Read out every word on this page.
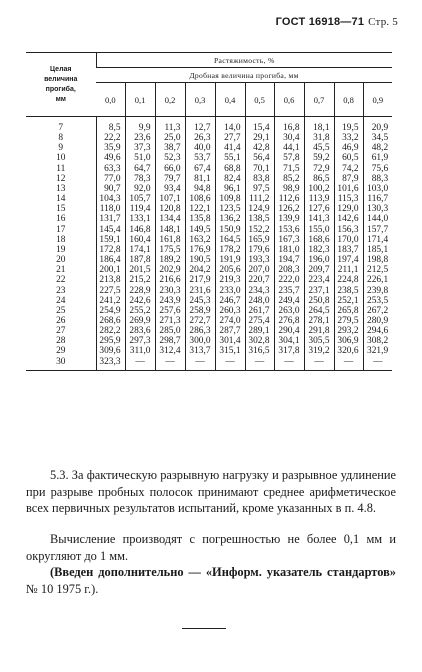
ГОСТ 16918—71 Стр. 5
Целая
величина
прогиба,
мм	Растяжимость, %									
	Дробная величина прогиба, мм									
	0,0	0,1	0,2	0,3	0,4	0,5	0,6	0,7	0,8	0,9
7	8,5	9,9	11,3	12,7	14,0	15,4	16,8	18,1	19,5	20,9
8	22,2	23,6	25,0	26,3	27,7	29,1	30,4	31,8	33,2	34,5
9	35,9	37,3	38,7	40,0	41,4	42,8	44,1	45,5	46,9	48,2
10	49,6	51,0	52,3	53,7	55,1	56,4	57,8	59,2	60,5	61,9
11	63,3	64,7	66,0	67,4	68,8	70,1	71,5	72,9	74,2	75,6
12	77,0	78,3	79,7	81,1	82,4	83,8	85,2	86,5	87,9	88,3
13	90,7	92,0	93,4	94,8	96,1	97,5	98,9	100,2	101,6	103,0
14	104,3	105,7	107,1	108,6	109,8	111,2	112,6	113,9	115,3	116,7
15	118,0	119,4	120,8	122,1	123,5	124,9	126,2	127,6	129,0	130,3
16	131,7	133,1	134,4	135,8	136,2	138,5	139,9	141,3	142,6	144,0
17	145,4	146,8	148,1	149,5	150,9	152,2	153,6	155,0	156,3	157,7
18	159,1	160,4	161,8	163,2	164,5	165,9	167,3	168,6	170,0	171,4
19	172,8	174,1	175,5	176,9	178,2	179,6	181,0	182,3	183,7	185,1
20	186,4	187,8	189,2	190,5	191,9	193,3	194,7	196,0	197,4	198,8
21	200,1	201,5	202,9	204,2	205,6	207,0	208,3	209,7	211,1	212,5
22	213,8	215,2	216,6	217,9	219,3	220,7	222,0	223,4	224,8	226,1
23	227,5	228,9	230,3	231,6	233,0	234,3	235,7	237,1	238,5	239,8
24	241,2	242,6	243,9	245,3	246,7	248,0	249,4	250,8	252,1	253,5
25	254,9	255,2	257,6	258,9	260,3	261,7	263,0	264,5	265,8	267,2
26	268,6	269,9	271,3	272,7	274,0	275,4	276,8	278,1	279,5	280,9
27	282,2	283,6	285,0	286,3	287,7	289,1	290,4	291,8	293,2	294,6
28	295,9	297,3	298,7	300,0	301,4	302,8	304,1	305,5	306,9	308,2
29	309,6	311,0	312,4	313,7	315,1	316,5	317,8	319,2	320,6	321,9
30	323,3	—	—	—	—	—	—	—	—	—

5.3. За фактическую разрывную нагрузку и разрывное удлинение при разрыве пробных полосок принимают среднее арифметическое всех первичных результатов испытаний, кроме указанных в п. 4.8.

Вычисление производят с погрешностью не более 0,1 мм и округляют до 1 мм.

(Введен дополнительно — «Информ. указатель стандартов» № 10 1975 г.).
